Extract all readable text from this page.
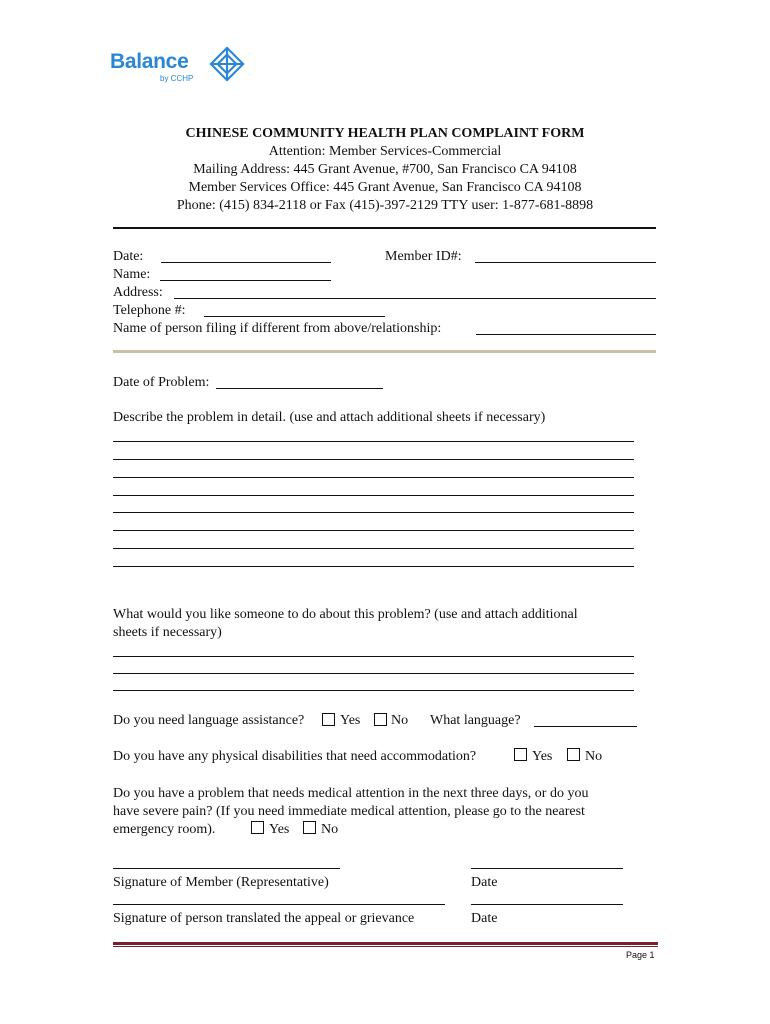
Balance
by CCHP
CHINESE COMMUNITY HEALTH PLAN COMPLAINT FORM
Attention: Member Services-Commercial
Mailing Address: 445 Grant Avenue, #700, San Francisco CA 94108
Member Services Office: 445 Grant Avenue, San Francisco CA 94108
Phone: (415) 834-2118 or Fax (415)-397-2129 TTY user: 1-877-681-8898
Date:	Member ID#:
Name:
Address:
Telephone #:
Name of person filing if different from above/relationship:
Date of Problem:
Describe the problem in detail. (use and attach additional sheets if necessary)
What would you like someone to do about this problem? (use and attach additional
sheets if necessary)
Do you need language assistance?	Yes No What language?
Do you have any physical disabilities that need accommodation?	Yes No
Do you have a problem that needs medical attention in the next three days, or do you
have severe pain? (If you need immediate medical attention, please go to the nearest
emergency room).	Yes No
Signature of Member (Representative)	Date
Signature of person translated the appeal or grievance	Date
Page 1
